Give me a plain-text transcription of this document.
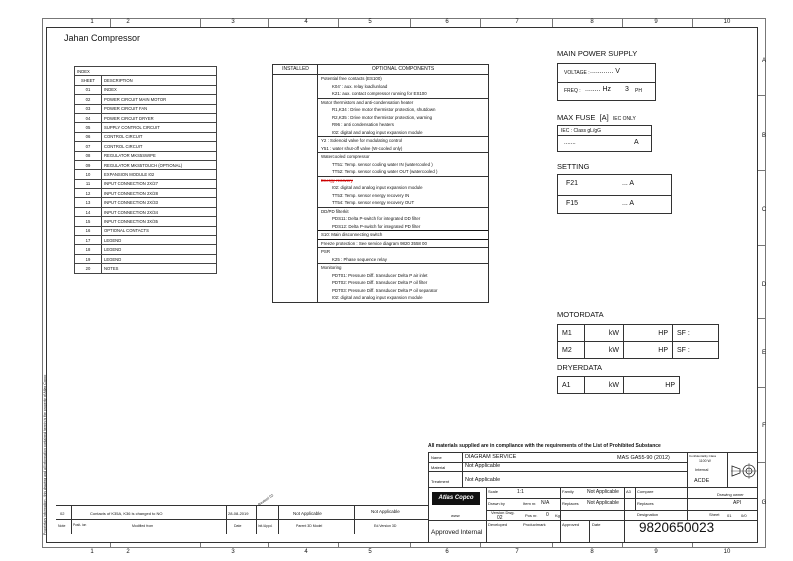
1
1
2
2
3
3
4
4
5
5
6
6
7
7
8
8
9
9
10
10
A
B
C
D
E
F
G
Jahan Compressor
INDEX	
SHEET	DESCRIPTION
01	INDEX
02	POWER CIRCUIT MAIN MOTOR
03	POWER CIRCUIT FAN
04	POWER CIRCUIT DRYER
05	SUPPLY CONTROL CIRCUIT
06	CONTROL CIRCUIT
07	CONTROL CIRCUIT
08	REGULATOR MKS5SWIPE
09	REGULATOR MKS5TOUCH (OPTIONAL)
10	EXPANSION MODULE I02
11	INPUT CONNECTION 2X/27
12	INPUT CONNECTION 2X/28
13	INPUT CONNECTION 2X/33
14	INPUT CONNECTION 2X/34
15	INPUT CONNECTION 3X/35
16	OPTIONAL CONTACTS
17	LEGEND
18	LEGEND
19	LEGEND
20	NOTES
INSTALLED	OPTIONAL COMPONENTS
Potential free contacts (ES100)
K04' : aux. relay load/unload
K21: aux. contact compressor running for ES100
Motor thermistors and anti-condensation heater
R1,K34 : Drive motor thermistor protection, shutdown
R2,K35 : Drive motor thermistor protection, warning
R96 : anti condensation heaters
I02: digital and analog input expansion module
Y2 : Solenoid valve for modulating control
Y51 : water shut-off valve (W-cooled only)
Watercooled compressor
TT51: Temp. sensor cooling water IN (watercooled )
TT52: Temp. sensor cooling water OUT (watercooled )
Energy recovery
I02: digital and analog input expansion module
TT53: Temp. sensor energy recovery IN
TT54: Temp. sensor energy recovery OUT
DD/PD filterkit
PDS11: Delta P-switch for integrated DD filter
PDS12: Delta P-switch for integrated PD filter
S10: Main disconnecting switch
Freeze protection : See service diagram 9820 3558 00
PSR
K25 : Phase sequence relay
Monitoring
PDT01: Pressure Diff. transducer Delta P air inlet
PDT02: Pressure Diff. transducer Delta P oil filter
PDT03: Pressure Diff. transducer Delta P oil separator
I02: digital and analog input expansion module
MAIN POWER SUPPLY
VOLTAGE : ............ V
FREQ : ........ Hz 3 PH
MAX FUSE [A] IEC ONLY
IEC : Class gL/gG
.......	A
SETTING
F21	... A
F15	... A
MOTORDATA
M1	kW	HP	SF :
M2	kW	HP	SF :
DRYERDATA
A1	kW	HP
All materials supplied are in compliance with the requirements of the List of Prohibited Substance
Name	DIAGRAM SERVICE	MAS GA55-90 (2012)
Material	Not Applicable
Treatment	Not Applicable
Confidentiality Class
1100 W
Internal
ACDE
Atlas Copco
www
Scale	1:1	Family	Not Applicable A3 Compare
Drawing owner
API
Drawn by	Item nr. N/A	Replaces Not Applicable	Replaces
Version Dwg.
02	Pos nr. 0 Kg	Designation	Sheet 01 0/0
Approved Internal
Developed	Productmark	Approved	Date	9820650023
02	Contacts of K35A, K36 is changed to NO	28-08-2019	Not Applicable	Not Applicable
Revised 02
Note Posit- ion	Modified from	Date	Init./Appd.	Parent 3D Model	Ed.Version 3D
Proprietary information - this drawing and all information contained herein is the property of Atlas Copco
